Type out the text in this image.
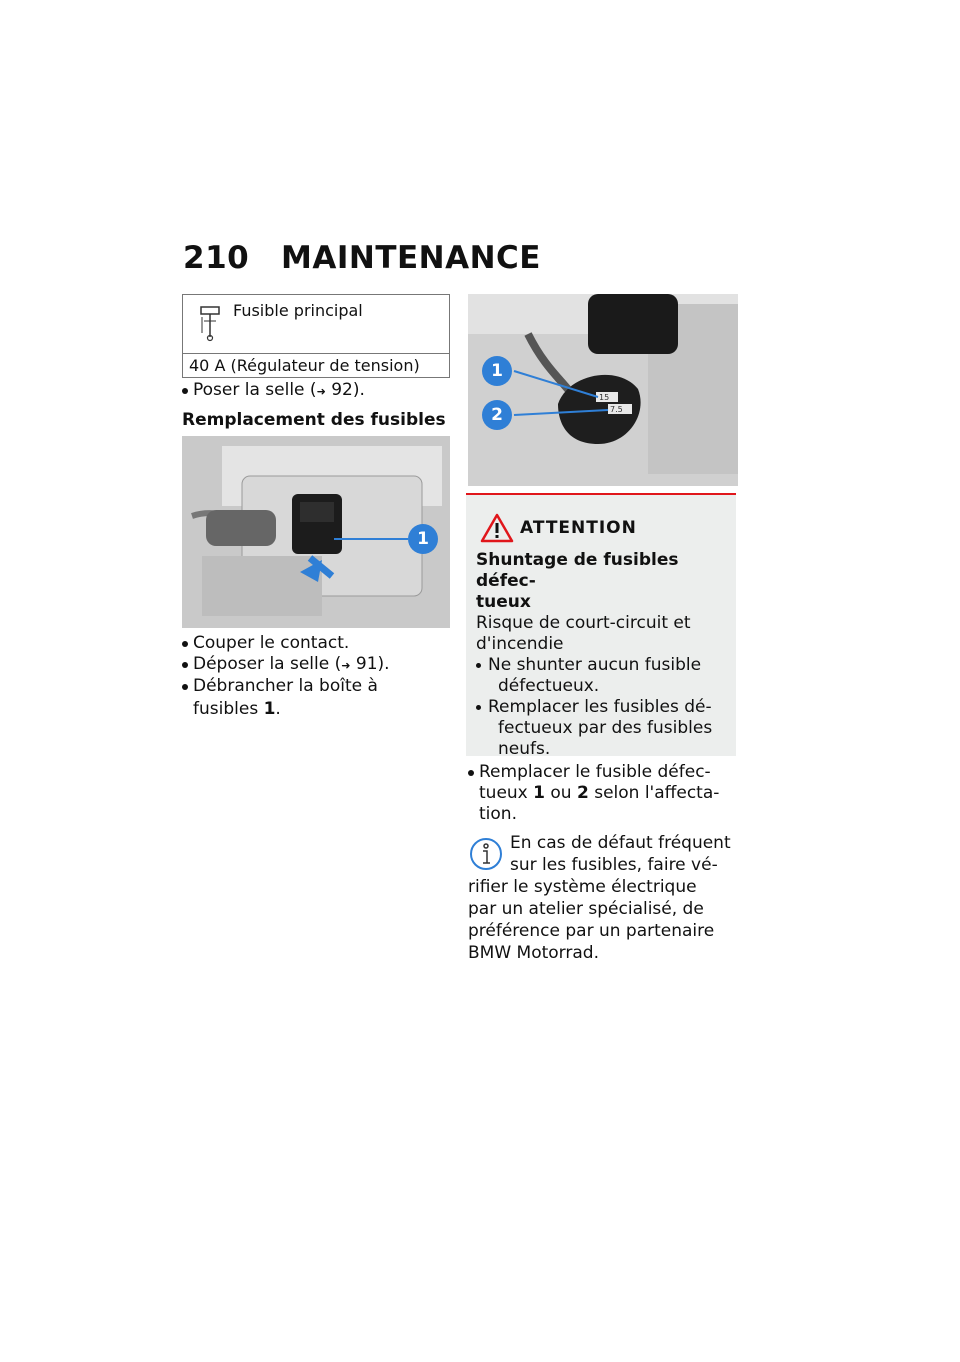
210 MAINTENANCE
Fusible principal
40 A (Régulateur de tension)
Poser la selle (➜ 92).
Remplacement des fusibles
1
Couper le contact.
Déposer la selle (➜ 91).
Débrancher la boîte à
fusibles 1.
15
7.5
1
2
ATTENTION
Shuntage de fusibles défec-
tueux
Risque de court-circuit et
d'incendie
Ne shunter aucun fusible
défectueux.
Remplacer les fusibles dé-
fectueux par des fusibles
neufs.
Remplacer le fusible défec-
tueux 1 ou 2 selon l'affecta-
tion.
En cas de défaut fréquent
sur les fusibles, faire vé-
rifier le système électrique
par un atelier spécialisé, de
préférence par un partenaire
BMW Motorrad.
